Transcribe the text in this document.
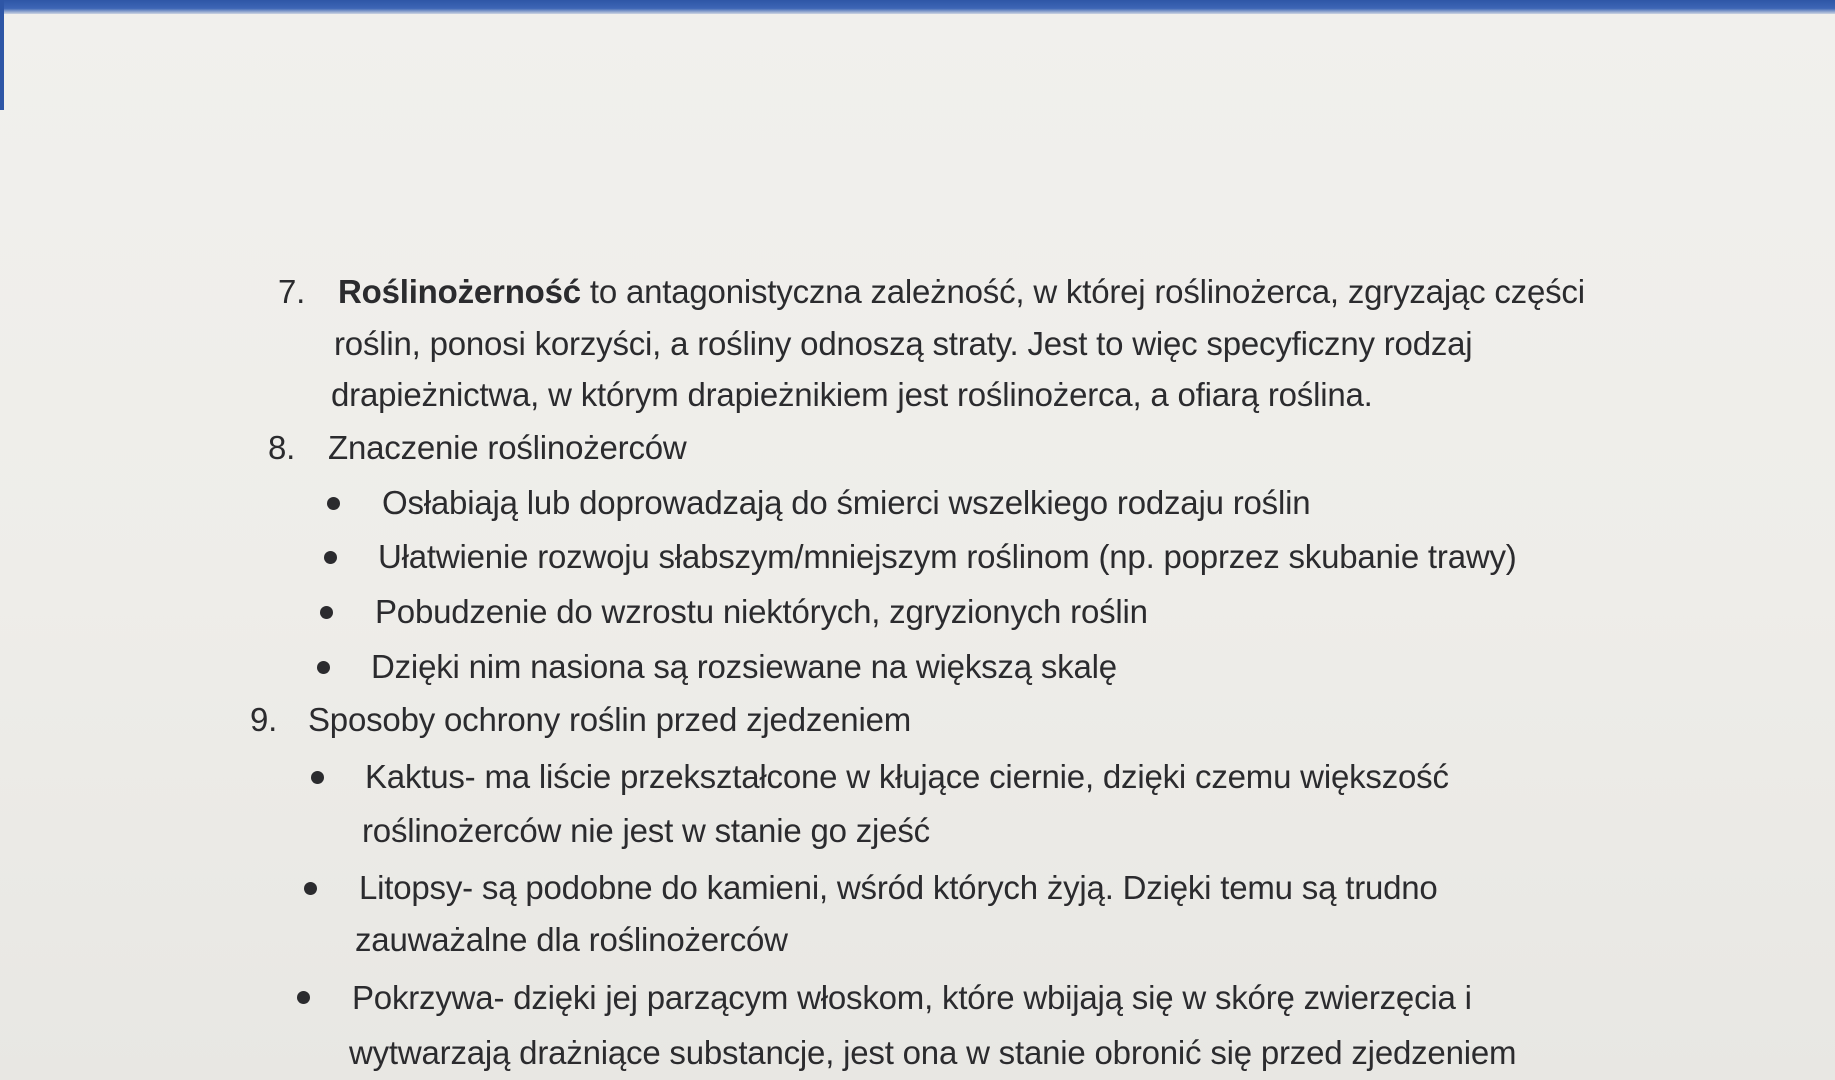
7. Roślinożerność to antagonistyczna zależność, w której roślinożerca, zgryzając części
roślin, ponosi korzyści, a rośliny odnoszą straty. Jest to więc specyficzny rodzaj
drapieżnictwa, w którym drapieżnikiem jest roślinożerca, a ofiarą roślina.
8. Znaczenie roślinożerców
Osłabiają lub doprowadzają do śmierci wszelkiego rodzaju roślin
Ułatwienie rozwoju słabszym/mniejszym roślinom (np. poprzez skubanie trawy)
Pobudzenie do wzrostu niektórych, zgryzionych roślin
Dzięki nim nasiona są rozsiewane na większą skalę
9. Sposoby ochrony roślin przed zjedzeniem
Kaktus- ma liście przekształcone w kłujące ciernie, dzięki czemu większość
roślinożerców nie jest w stanie go zjeść
Litopsy- są podobne do kamieni, wśród których żyją. Dzięki temu są trudno
zauważalne dla roślinożerców
Pokrzywa- dzięki jej parzącym włoskom, które wbijają się w skórę zwierzęcia i
wytwarzają drażniące substancje, jest ona w stanie obronić się przed zjedzeniem
